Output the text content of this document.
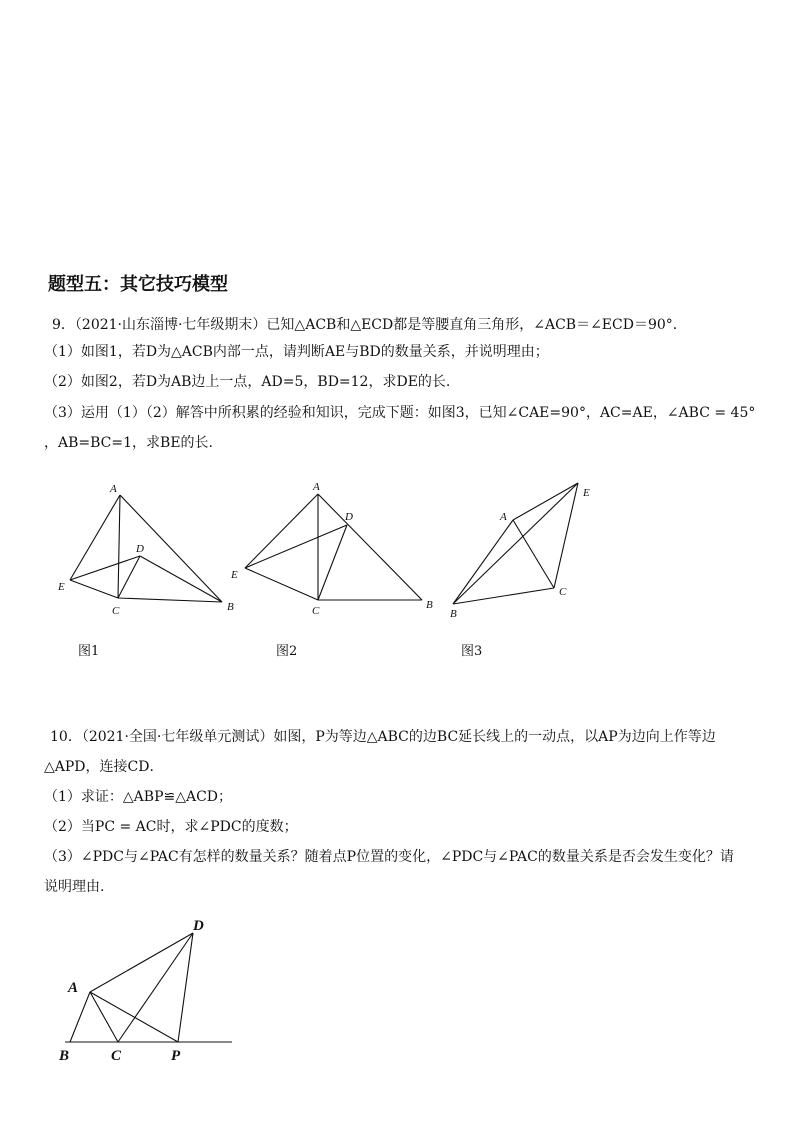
题型五：其它技巧模型
9．（2021·山东淄博·七年级期末）已知△ACB和△ECD都是等腰直角三角形，∠ACB＝∠ECD＝90°．
（1）如图1，若D为△ACB内部一点，请判断AE与BD的数量关系，并说明理由；
（2）如图2，若D为AB边上一点，AD=5，BD=12，求DE的长.
（3）运用（1）（2）解答中所积累的经验和知识，完成下题：如图3，已知∠CAE=90°，AC=AE，∠ABC = 45°
，AB=BC=1，求BE的长.
A
B
C
D
E
图1
A
B
C
D
E
图2
A
B
C
E
图3
10．（2021·全国·七年级单元测试）如图，P为等边△ABC的边BC延长线上的一动点，以AP为边向上作等边
△APD，连接CD．
（1）求证：△ABP≌△ACD；
（2）当PC = AC时，求∠PDC的度数；
（3）∠PDC与∠PAC有怎样的数量关系？随着点P位置的变化，∠PDC与∠PAC的数量关系是否会发生变化？请
说明理由.
A
B	C
D
P
